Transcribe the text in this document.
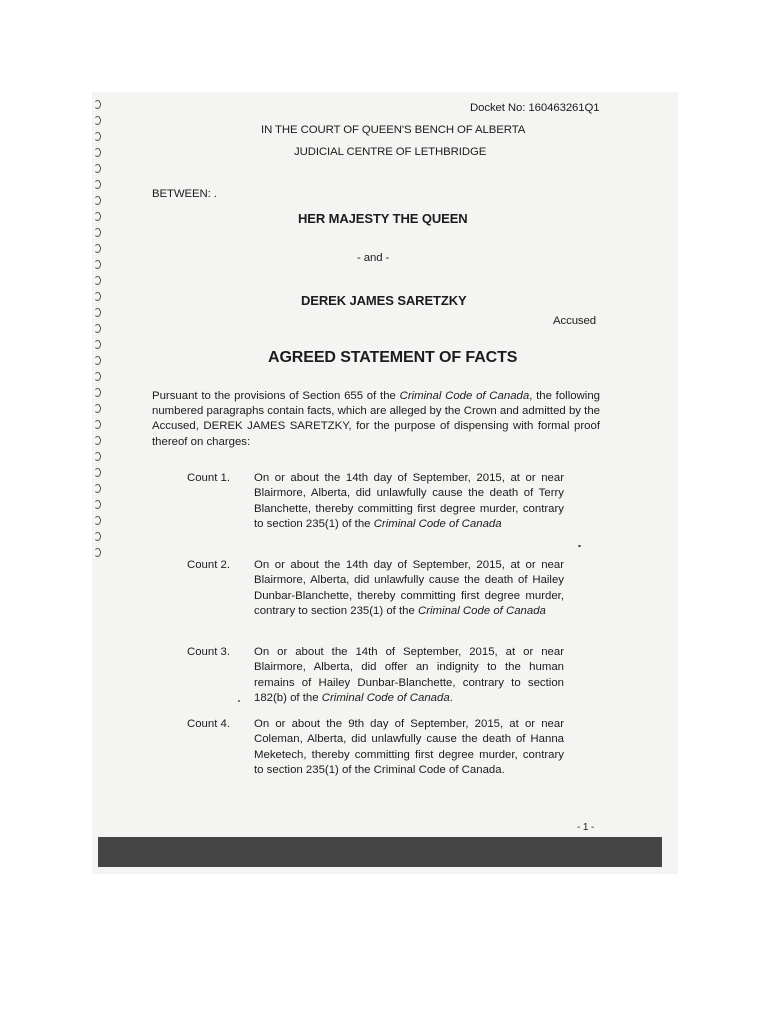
Docket No: 160463261Q1
IN THE COURT OF QUEEN'S BENCH OF ALBERTA
JUDICIAL CENTRE OF LETHBRIDGE
BETWEEN: .
HER MAJESTY THE QUEEN
- and -
DEREK JAMES SARETZKY
Accused
AGREED STATEMENT OF FACTS
Pursuant to the provisions of Section 655 of the Criminal Code of Canada, the following numbered paragraphs contain facts, which are alleged by the Crown and admitted by the Accused, DEREK JAMES SARETZKY, for the purpose of dispensing with formal proof thereof on charges:
Count 1. On or about the 14th day of September, 2015, at or near Blairmore, Alberta, did unlawfully cause the death of Terry Blanchette, thereby committing first degree murder, contrary to section 235(1) of the Criminal Code of Canada
Count 2. On or about the 14th day of September, 2015, at or near Blairmore, Alberta, did unlawfully cause the death of Hailey Dunbar-Blanchette, thereby committing first degree murder, contrary to section 235(1) of the Criminal Code of Canada
Count 3. On or about the 14th of September, 2015, at or near Blairmore, Alberta, did offer an indignity to the human remains of Hailey Dunbar-Blanchette, contrary to section 182(b) of the Criminal Code of Canada.
Count 4. On or about the 9th day of September, 2015, at or near Coleman, Alberta, did unlawfully cause the death of Hanna Meketech, thereby committing first degree murder, contrary to section 235(1) of the Criminal Code of Canada.
- 1 -
